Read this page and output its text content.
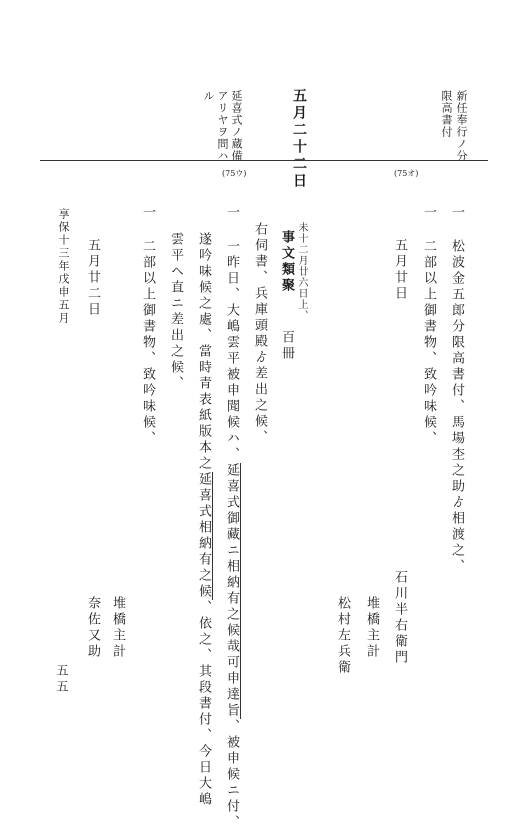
新任奉行ノ分
限高書付
五月二十二日
延喜式ノ蔵備
アリヤヲ問ハ
ル
(75オ)
(75ウ)
一 松波金五郎分限高書付、馬場杢之助ゟ相渡之、
一 二部以上御書物、致吟味候、
五月廿日
石川半右衛門
堆橋主計
松村左兵衛
未十二月廿六日上、
事文類聚
百冊
右伺書、兵庫頭殿ゟ差出之候、
一 一昨日、大嶋雲平被申聞候ハ、延喜式御藏ニ相納有之候哉可申達旨、被申候ニ付、
遂吟味候之處、當時青表紙版本之延喜式相納有之候、依之、其段書付、今日大嶋
雲平ヘ直ニ差出之候、
一 二部以上御書物、致吟味候、
五月廿二日
堆橋主計
奈佐又助
享保十三年戊申五月
五五
